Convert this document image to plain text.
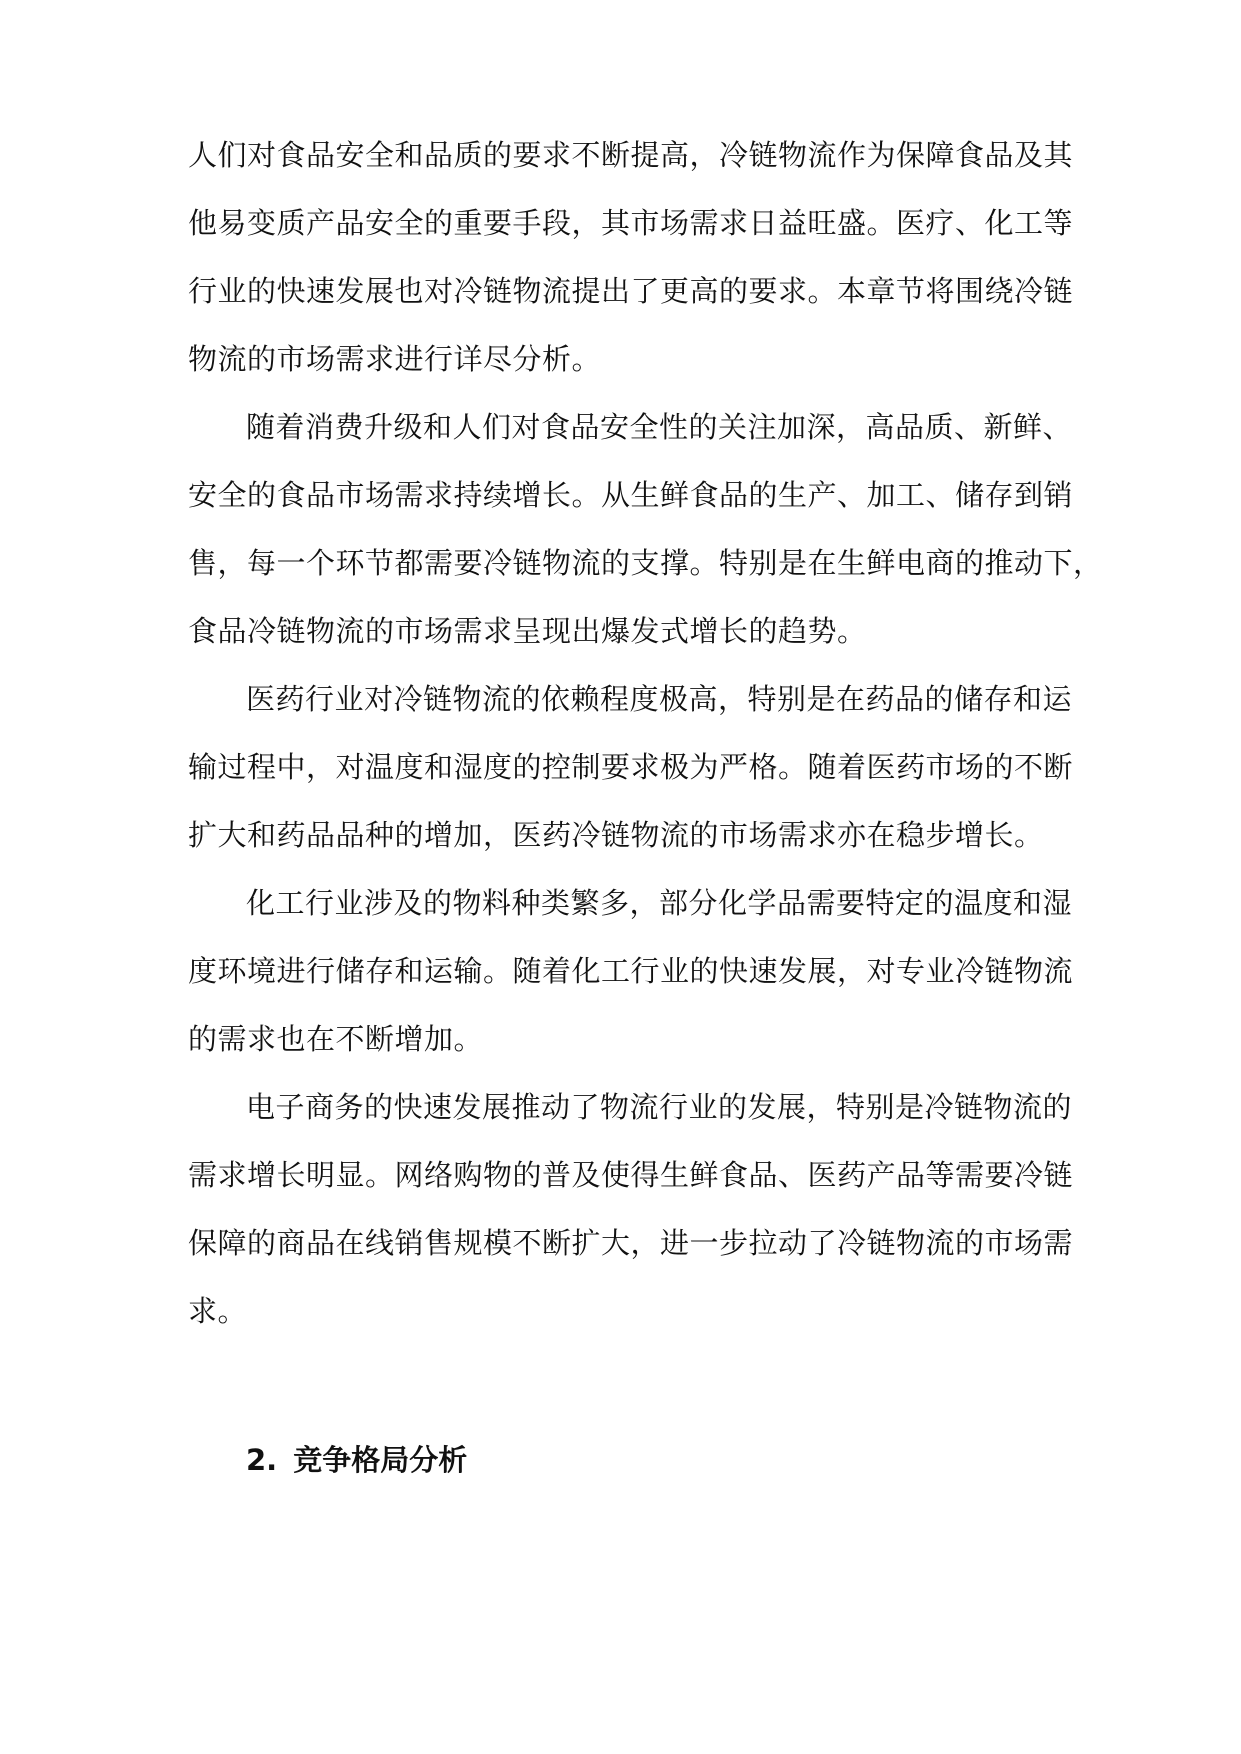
人们对食品安全和品质的要求不断提高，冷链物流作为保障食品及其
他易变质产品安全的重要手段，其市场需求日益旺盛。医疗、化工等
行业的快速发展也对冷链物流提出了更高的要求。本章节将围绕冷链
物流的市场需求进行详尽分析。
随着消费升级和人们对食品安全性的关注加深，高品质、新鲜、
安全的食品市场需求持续增长。从生鲜食品的生产、加工、储存到销
售，每一个环节都需要冷链物流的支撑。特别是在生鲜电商的推动下，
食品冷链物流的市场需求呈现出爆发式增长的趋势。
医药行业对冷链物流的依赖程度极高，特别是在药品的储存和运
输过程中，对温度和湿度的控制要求极为严格。随着医药市场的不断
扩大和药品品种的增加，医药冷链物流的市场需求亦在稳步增长。
化工行业涉及的物料种类繁多，部分化学品需要特定的温度和湿
度环境进行储存和运输。随着化工行业的快速发展，对专业冷链物流
的需求也在不断增加。
电子商务的快速发展推动了物流行业的发展，特别是冷链物流的
需求增长明显。网络购物的普及使得生鲜食品、医药产品等需要冷链
保障的商品在线销售规模不断扩大，进一步拉动了冷链物流的市场需
求。
2. 竞争格局分析
